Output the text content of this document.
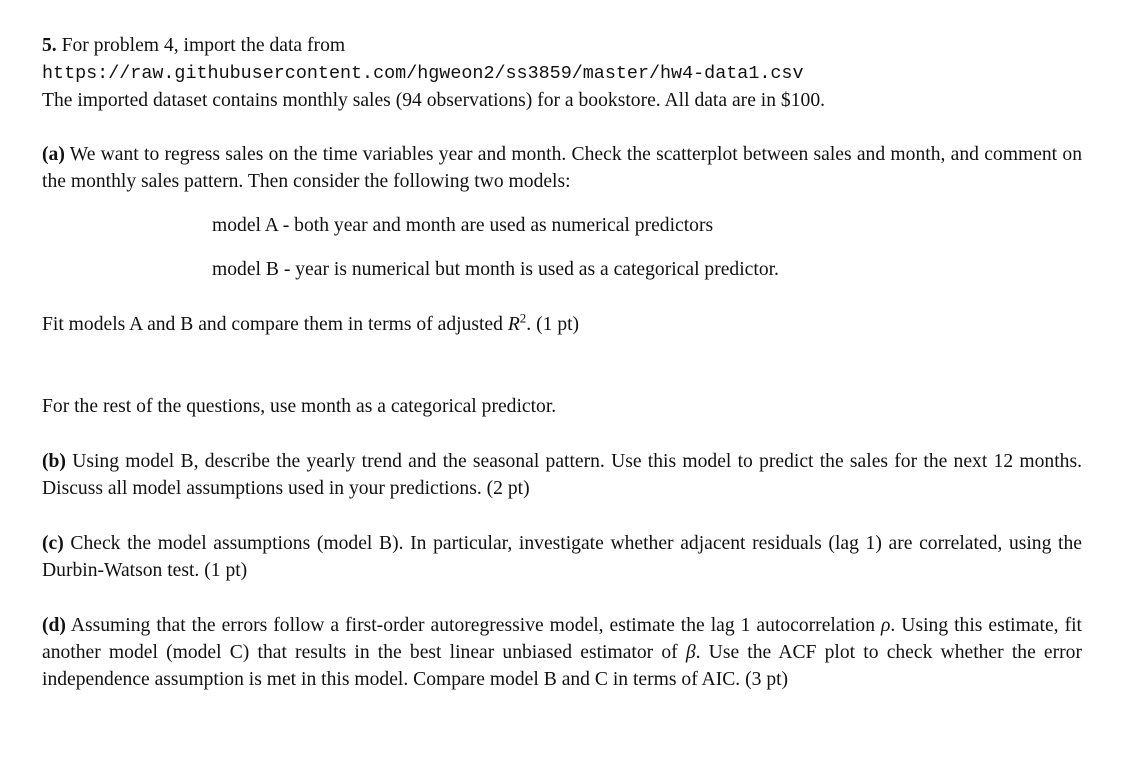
5. For problem 4, import the data from
https://raw.githubusercontent.com/hgweon2/ss3859/master/hw4-data1.csv
The imported dataset contains monthly sales (94 observations) for a bookstore. All data are in $100.
(a) We want to regress sales on the time variables year and month. Check the scatterplot between sales and month, and comment on the monthly sales pattern. Then consider the following two models:
model A - both year and month are used as numerical predictors
model B - year is numerical but month is used as a categorical predictor.
Fit models A and B and compare them in terms of adjusted $R^2$. (1 pt)
For the rest of the questions, use month as a categorical predictor.
(b) Using model B, describe the yearly trend and the seasonal pattern. Use this model to predict the sales for the next 12 months. Discuss all model assumptions used in your predictions. (2 pt)
(c) Check the model assumptions (model B). In particular, investigate whether adjacent residuals (lag 1) are correlated, using the Durbin-Watson test. (1 pt)
(d) Assuming that the errors follow a first-order autoregressive model, estimate the lag 1 autocorrelation ρ. Using this estimate, fit another model (model C) that results in the best linear unbiased estimator of β. Use the ACF plot to check whether the error independence assumption is met in this model. Compare model B and C in terms of AIC. (3 pt)
